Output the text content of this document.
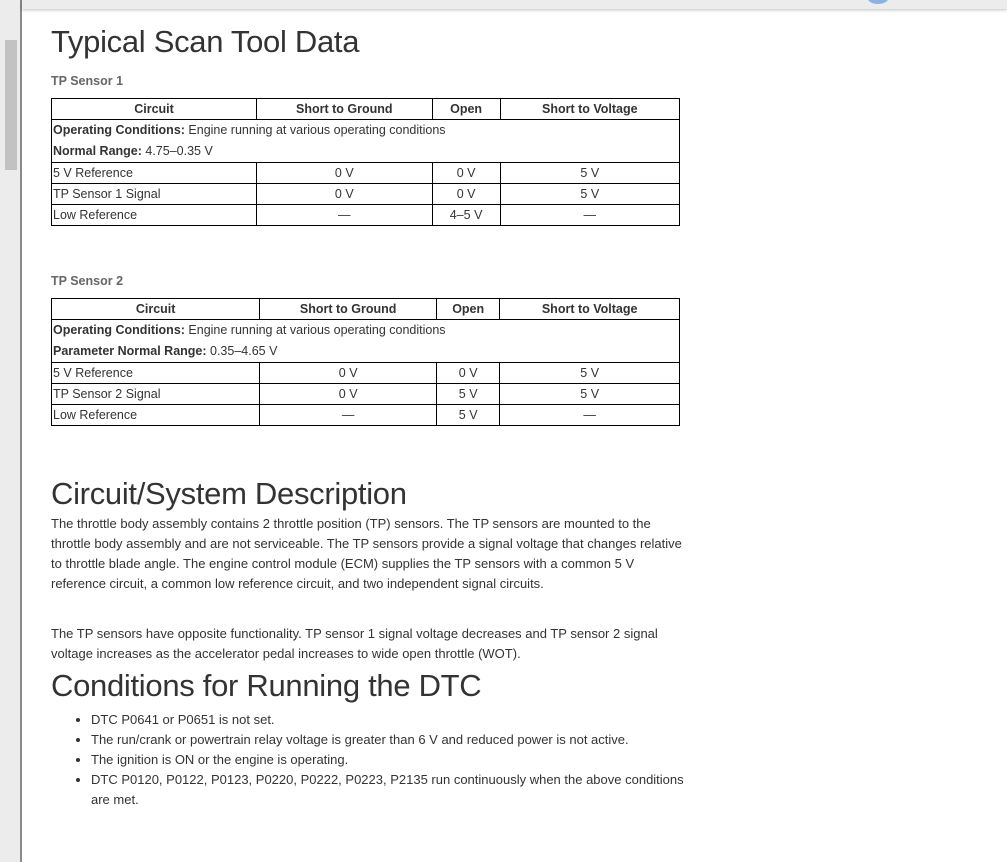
Typical Scan Tool Data
TP Sensor 1
Circuit	Short to Ground	Open	Short to Voltage
Operating Conditions: Engine running at various operating conditions
Normal Range: 4.75–0.35 V			
5 V Reference	0 V	0 V	5 V
TP Sensor 1 Signal	0 V	0 V	5 V
Low Reference	—	4–5 V	—
TP Sensor 2
Circuit	Short to Ground	Open	Short to Voltage
Operating Conditions: Engine running at various operating conditions
Parameter Normal Range: 0.35–4.65 V			
5 V Reference	0 V	0 V	5 V
TP Sensor 2 Signal	0 V	5 V	5 V
Low Reference	—	5 V	—
Circuit/System Description

The throttle body assembly contains 2 throttle position (TP) sensors. The TP sensors are mounted to the throttle body assembly and are not serviceable. The TP sensors provide a signal voltage that changes relative to throttle blade angle. The engine control module (ECM) supplies the TP sensors with a common 5 V reference circuit, a common low reference circuit, and two independent signal circuits.

The TP sensors have opposite functionality. TP sensor 1 signal voltage decreases and TP sensor 2 signal voltage increases as the accelerator pedal increases to wide open throttle (WOT).

Conditions for Running the DTC
• DTC P0641 or P0651 is not set.
• The run/crank or powertrain relay voltage is greater than 6 V and reduced power is not active.
• The ignition is ON or the engine is operating.
• DTC P0120, P0122, P0123, P0220, P0222, P0223, P2135 run continuously when the above conditions are met.
